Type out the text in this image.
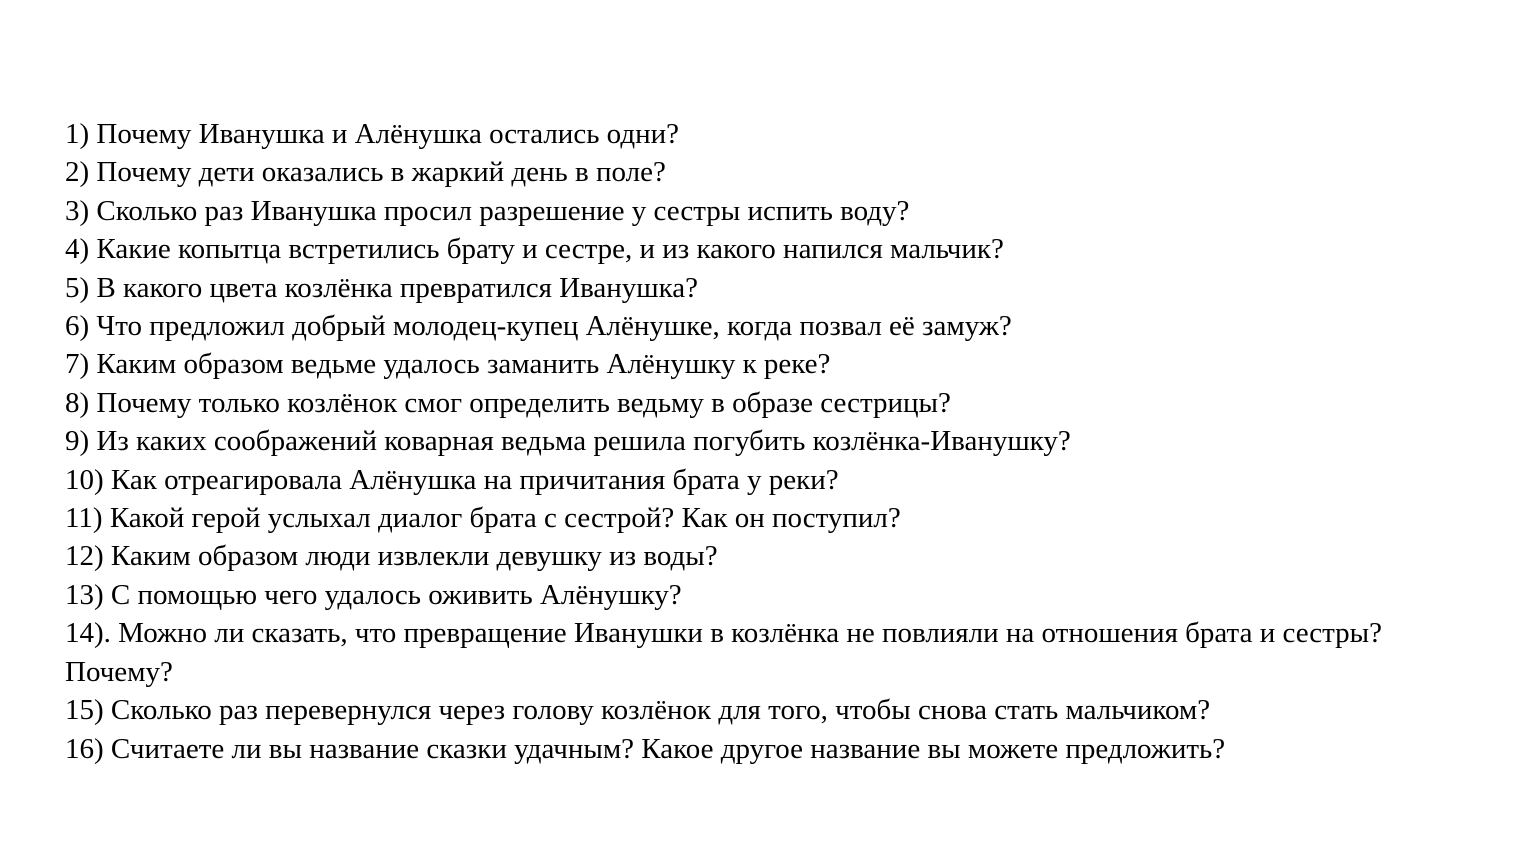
1) Почему Иванушка и Алёнушка остались одни?
2) Почему дети оказались в жаркий день в поле?
3) Сколько раз Иванушка просил разрешение у сестры испить воду?
4) Какие копытца встретились брату и сестре, и из какого напился мальчик?
5) В какого цвета козлёнка превратился Иванушка?
6) Что предложил добрый молодец-купец Алёнушке, когда позвал её замуж?
7) Каким образом ведьме удалось заманить Алёнушку к реке?
8) Почему только козлёнок смог определить ведьму в образе сестрицы?
9) Из каких соображений коварная ведьма решила погубить козлёнка-Иванушку?
10) Как отреагировала Алёнушка на причитания брата у реки?
11) Какой герой услыхал диалог брата с сестрой? Как он поступил?
12) Каким образом люди извлекли девушку из воды?
13) С помощью чего удалось оживить Алёнушку?
14). Можно ли сказать, что превращение Иванушки в козлёнка не повлияли на отношения брата и сестры? Почему?
15) Сколько раз перевернулся через голову козлёнок для того, чтобы снова стать мальчиком?
16) Считаете ли вы название сказки удачным? Какое другое название вы можете предложить?
